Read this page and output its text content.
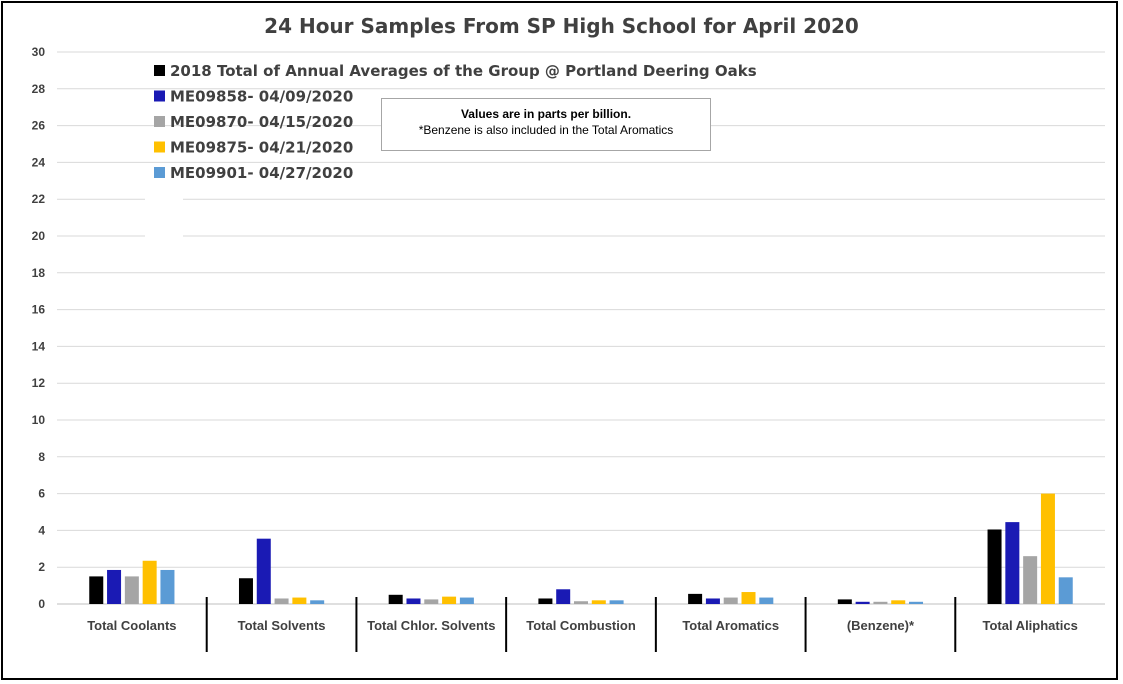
24 Hour Samples From SP High School for April 2020
0
2
4
6
8
10
12
14
16
18
20
22
24
26
28
30
Total Coolants	Total Solvents	Total Chlor. Solvents Total Combustion	Total Aromatics	(Benzene)*	Total Aliphatics
2018 Total of Annual Averages of the Group @ Portland Deering Oaks
ME09858- 04/09/2020
ME09870- 04/15/2020
ME09875- 04/21/2020
ME09901- 04/27/2020
Values are in parts per billion.
*Benzene is also included in the Total Aromatics
